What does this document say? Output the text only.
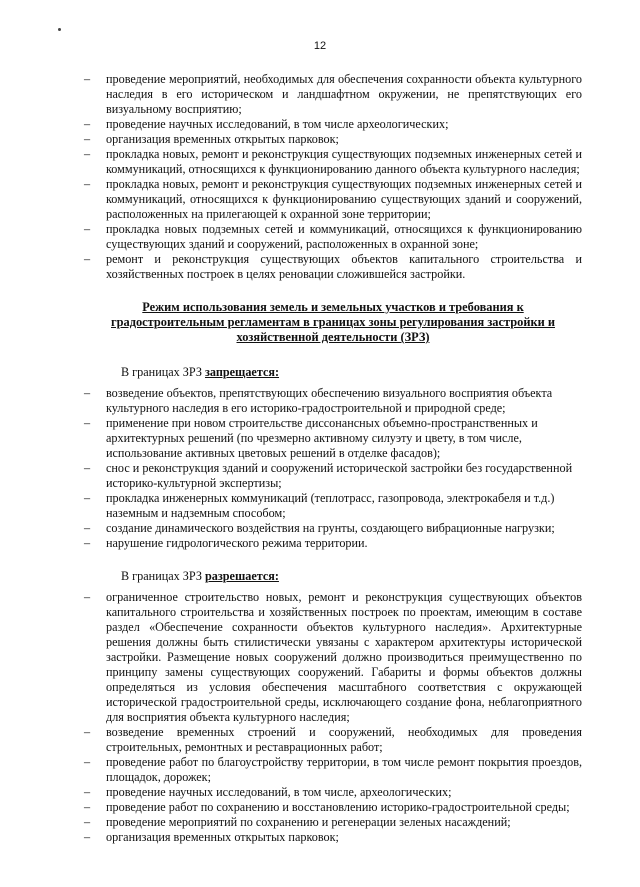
12
– проведение мероприятий, необходимых для обеспечения сохранности объекта культурного наследия в его историческом и ландшафтном окружении, не препятствующих его визуальному восприятию;
– проведение научных исследований, в том числе археологических;
– организация временных открытых парковок;
– прокладка новых, ремонт и реконструкция существующих подземных инженерных сетей и коммуникаций, относящихся к функционированию данного объекта культурного наследия;
– прокладка новых, ремонт и реконструкция существующих подземных инженерных сетей и коммуникаций, относящихся к функционированию существующих зданий и сооружений, расположенных на прилегающей к охранной зоне территории;
– прокладка новых подземных сетей и коммуникаций, относящихся к функционированию существующих зданий и сооружений, расположенных в охранной зоне;
– ремонт и реконструкция существующих объектов капитального строительства и хозяйственных построек в целях реновации сложившейся застройки.
Режим использования земель и земельных участков и требования к градостроительным регламентам в границах зоны регулирования застройки и хозяйственной деятельности (ЗРЗ)
В границах ЗРЗ запрещается:
– возведение объектов, препятствующих обеспечению визуального восприятия объекта культурного наследия в его историко-градостроительной и природной среде;
– применение при новом строительстве диссонансных объемно-пространственных и архитектурных решений (по чрезмерно активному силуэту и цвету, в том числе, использование активных цветовых решений в отделке фасадов);
– снос и реконструкция зданий и сооружений исторической застройки без государственной историко-культурной экспертизы;
– прокладка инженерных коммуникаций (теплотрасс, газопровода, электрокабеля и т.д.) наземным и надземным способом;
– создание динамического воздействия на грунты, создающего вибрационные нагрузки;
– нарушение гидрологического режима территории.
В границах ЗРЗ разрешается:
– ограниченное строительство новых, ремонт и реконструкция существующих объектов капитального строительства и хозяйственных построек по проектам, имеющим в составе раздел «Обеспечение сохранности объектов культурного наследия». Архитектурные решения должны быть стилистически увязаны с характером архитектуры исторической застройки. Размещение новых сооружений должно производиться преимущественно по принципу замены существующих сооружений. Габариты и формы объектов должны определяться из условия обеспечения масштабного соответствия с окружающей исторической градостроительной среды, исключающего создание фона, неблагоприятного для восприятия объекта культурного наследия;
– возведение временных строений и сооружений, необходимых для проведения строительных, ремонтных и реставрационных работ;
– проведение работ по благоустройству территории, в том числе ремонт покрытия проездов, площадок, дорожек;
– проведение научных исследований, в том числе, археологических;
– проведение работ по сохранению и восстановлению историко-градостроительной среды;
– проведение мероприятий по сохранению и регенерации зеленых насаждений;
– организация временных открытых парковок;
